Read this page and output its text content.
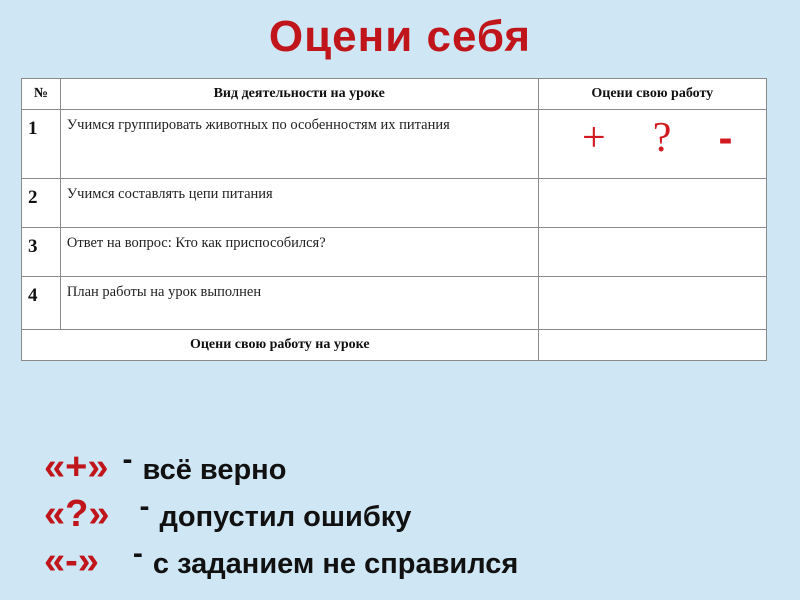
Оцени себя
№	Вид деятельности на уроке	Оцени свою работу
1	Учимся группировать животных по особенностям их питания	+ ? -

2	Учимся составлять цепи питания	
3	Ответ на вопрос: Кто как приспособился?	
4	План работы на урок выполнен	
Оцени свою работу на уроке		
«+» - всё верно
«?» - допустил ошибку
«-» - с заданием не справился
